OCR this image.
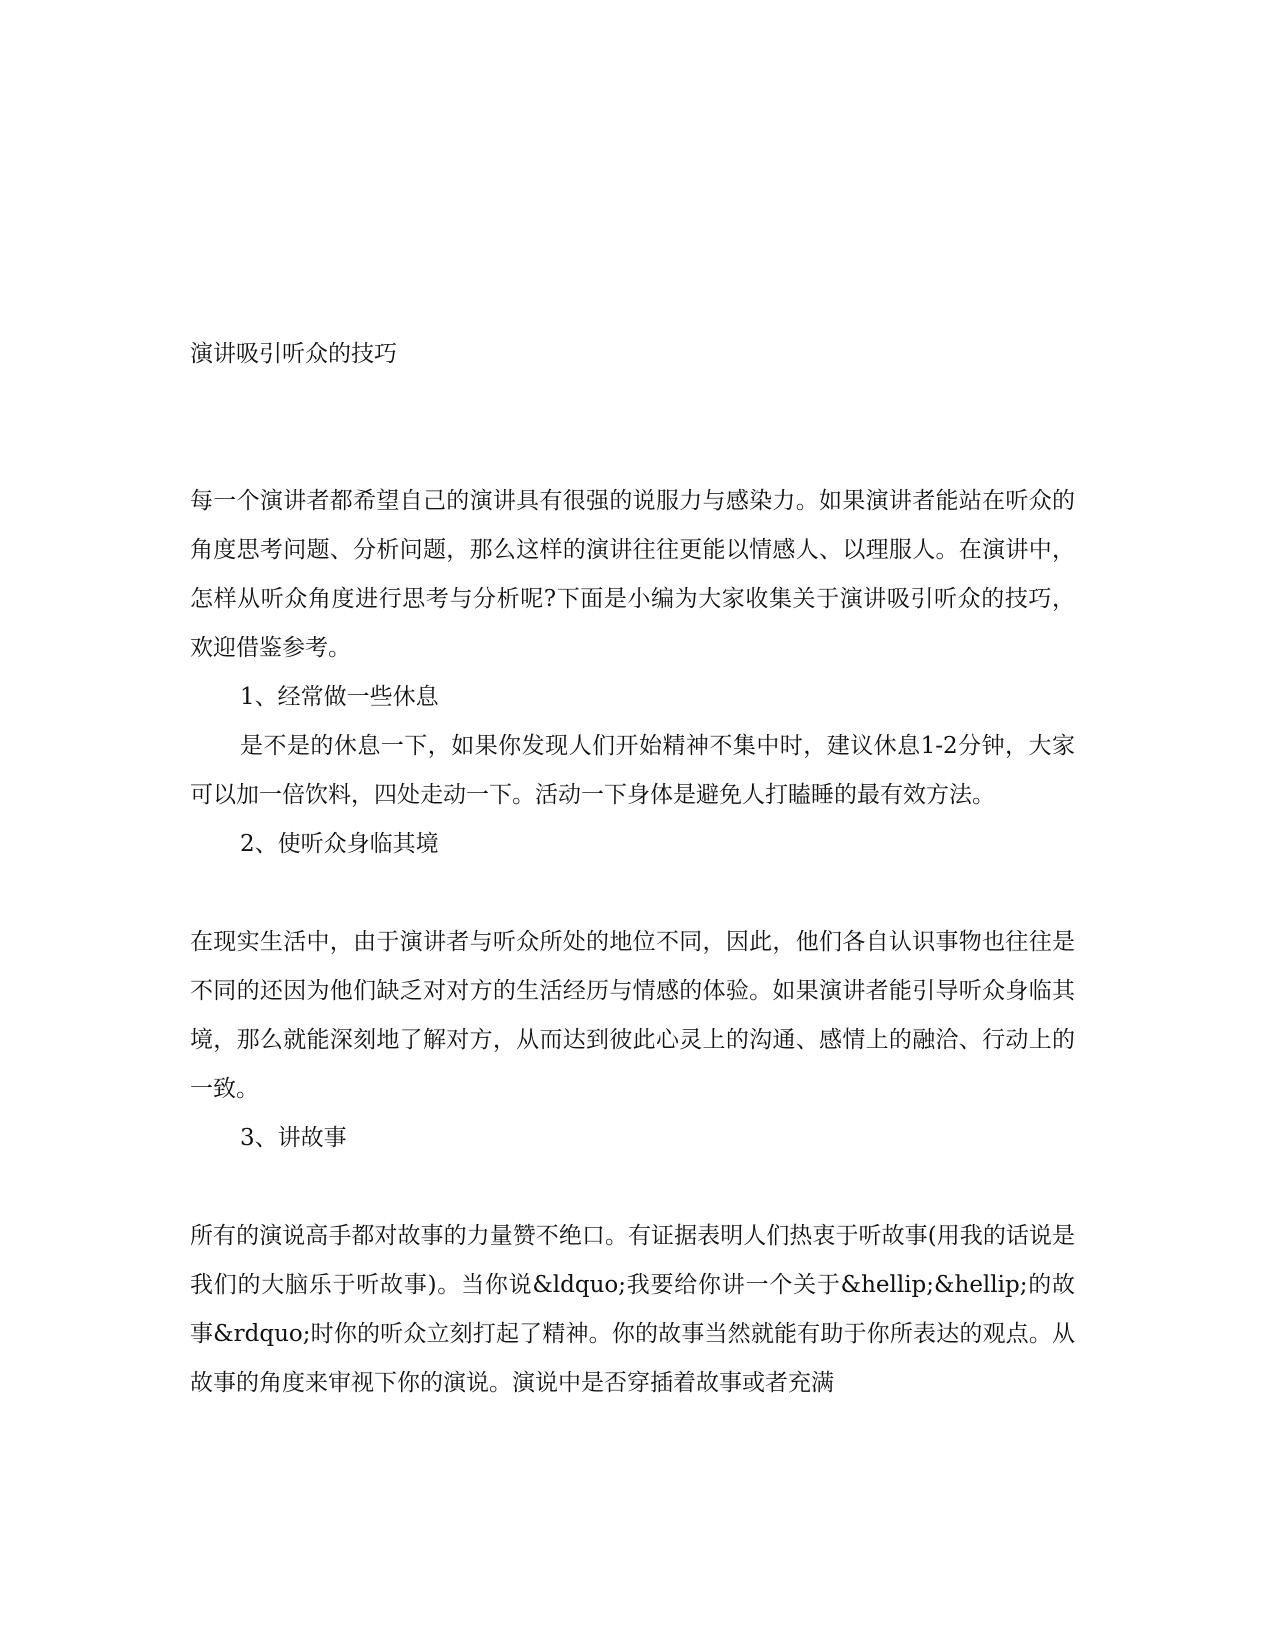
演讲吸引听众的技巧

每一个演讲者都希望自己的演讲具有很强的说服力与感染力。如果演讲者能站在听众的角度思考问题、分析问题，那么这样的演讲往往更能以情感人、以理服人。在演讲中，怎样从听众角度进行思考与分析呢?下面是小编为大家收集关于演讲吸引听众的技巧，欢迎借鉴参考。

1、经常做一些休息

是不是的休息一下，如果你发现人们开始精神不集中时，建议休息1-2分钟，大家可以加一倍饮料，四处走动一下。活动一下身体是避免人打瞌睡的最有效方法。

2、使听众身临其境

在现实生活中，由于演讲者与听众所处的地位不同，因此，他们各自认识事物也往往是不同的还因为他们缺乏对对方的生活经历与情感的体验。如果演讲者能引导听众身临其境，那么就能深刻地了解对方，从而达到彼此心灵上的沟通、感情上的融洽、行动上的一致。

3、讲故事

所有的演说高手都对故事的力量赞不绝口。有证据表明人们热衷于听故事(用我的话说是我们的大脑乐于听故事)。当你说&ldquo;我要给你讲一个关于&hellip;&hellip;的故事&rdquo;时你的听众立刻打起了精神。你的故事当然就能有助于你所表达的观点。从故事的角度来审视下你的演说。演说中是否穿插着故事或者充满
